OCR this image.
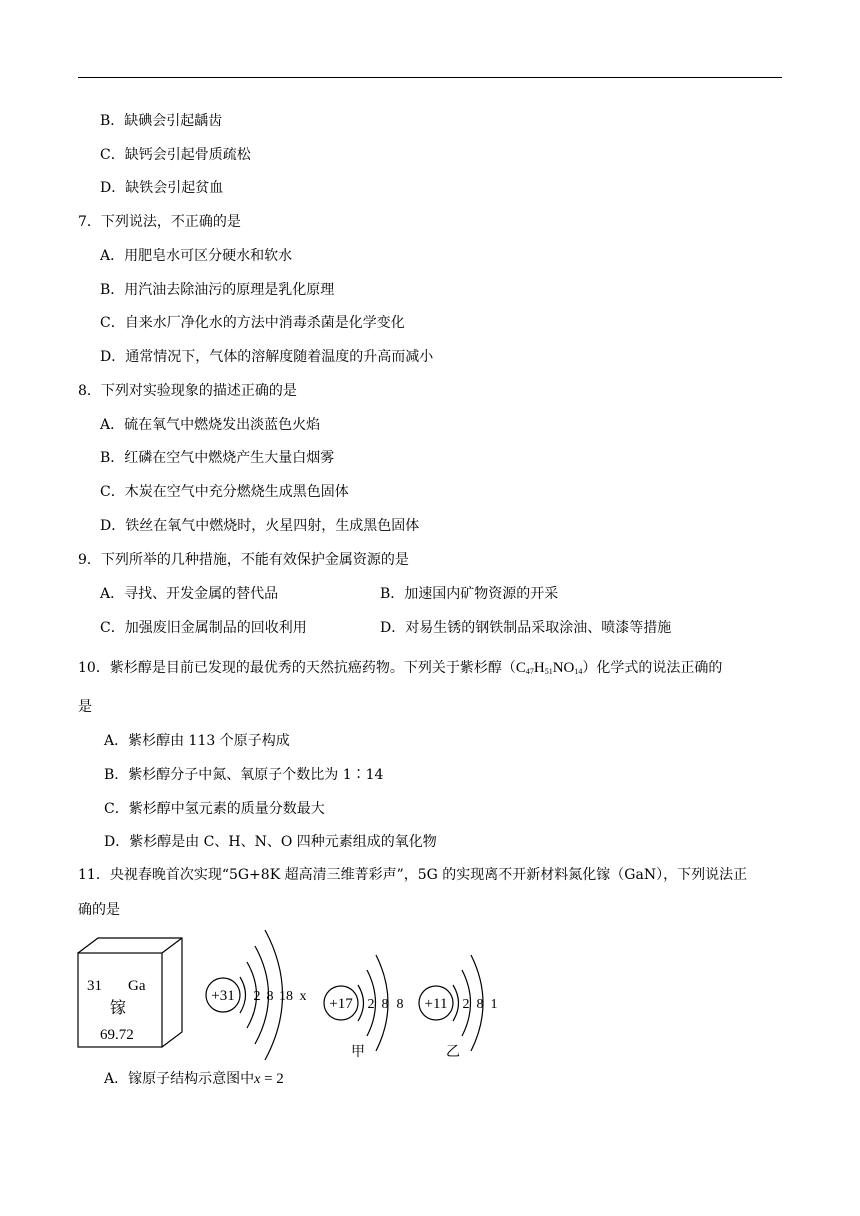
B．缺碘会引起龋齿
C．缺钙会引起骨质疏松
D．缺铁会引起贫血
7．下列说法，不正确的是
A．用肥皂水可区分硬水和软水
B．用汽油去除油污的原理是乳化原理
C．自来水厂净化水的方法中消毒杀菌是化学变化
D．通常情况下，气体的溶解度随着温度的升高而减小
8．下列对实验现象的描述正确的是
A．硫在氧气中燃烧发出淡蓝色火焰
B．红磷在空气中燃烧产生大量白烟雾
C．木炭在空气中充分燃烧生成黑色固体
D．铁丝在氧气中燃烧时，火星四射，生成黑色固体
9．下列所举的几种措施，不能有效保护金属资源的是
A．寻找、开发金属的替代品	B．加速国内矿物资源的开采
C．加强废旧金属制品的回收利用	D．对易生锈的钢铁制品采取涂油、喷漆等措施
10．紫杉醇是目前已发现的最优秀的天然抗癌药物。下列关于紫杉醇$(C_{47}H_{51}NO_{14})$化学式的说法正确的
是
A．紫杉醇由 113 个原子构成
B．紫杉醇分子中氮、氧原子个数比为 1∶14
C．紫杉醇中氢元素的质量分数最大
D．紫杉醇是由 C、H、N、O 四种元素组成的氧化物
11．央视春晚首次实现“5G+8K 超高清三维菁彩声”，5G 的实现离不开新材料氮化镓（GaN），下列说法正
确的是
31 Ga
镓
69.72
+31 2 8 18 x +17 2 8 8
甲
+11 2 8 1
乙
A．镓原子结构示意图中x = 2
